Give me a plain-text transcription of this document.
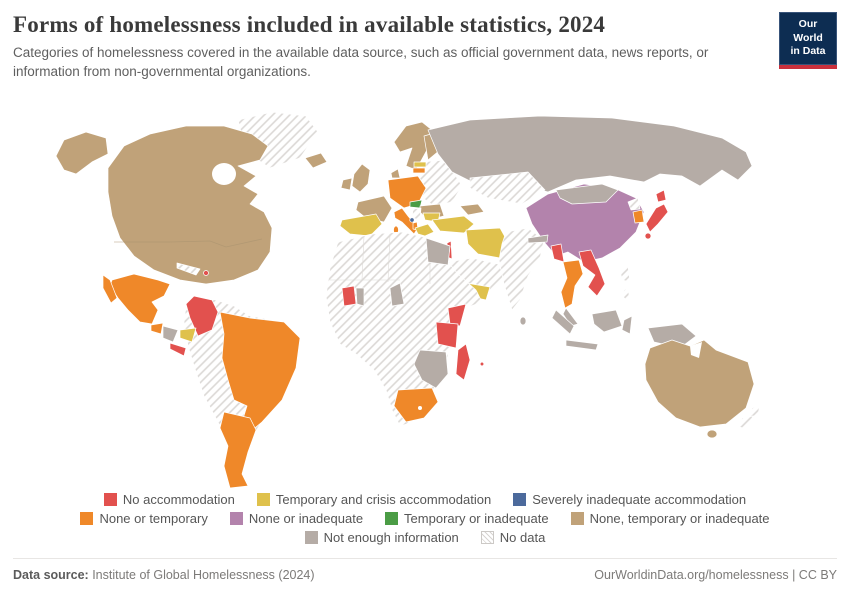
Forms of homelessness included in available statistics, 2024
Categories of homelessness covered in the available data source, such as official government data, news reports, or information from non-governmental organizations.
Our World
in Data
No accommodation	Temporary and crisis accommodation	Severely inadequate accommodation
None or temporary	None or inadequate	Temporary or inadequate	None, temporary or inadequate
Not enough information	No data
Data source: Institute of Global Homelessness (2024)	OurWorldinData.org/homelessness | CC BY
